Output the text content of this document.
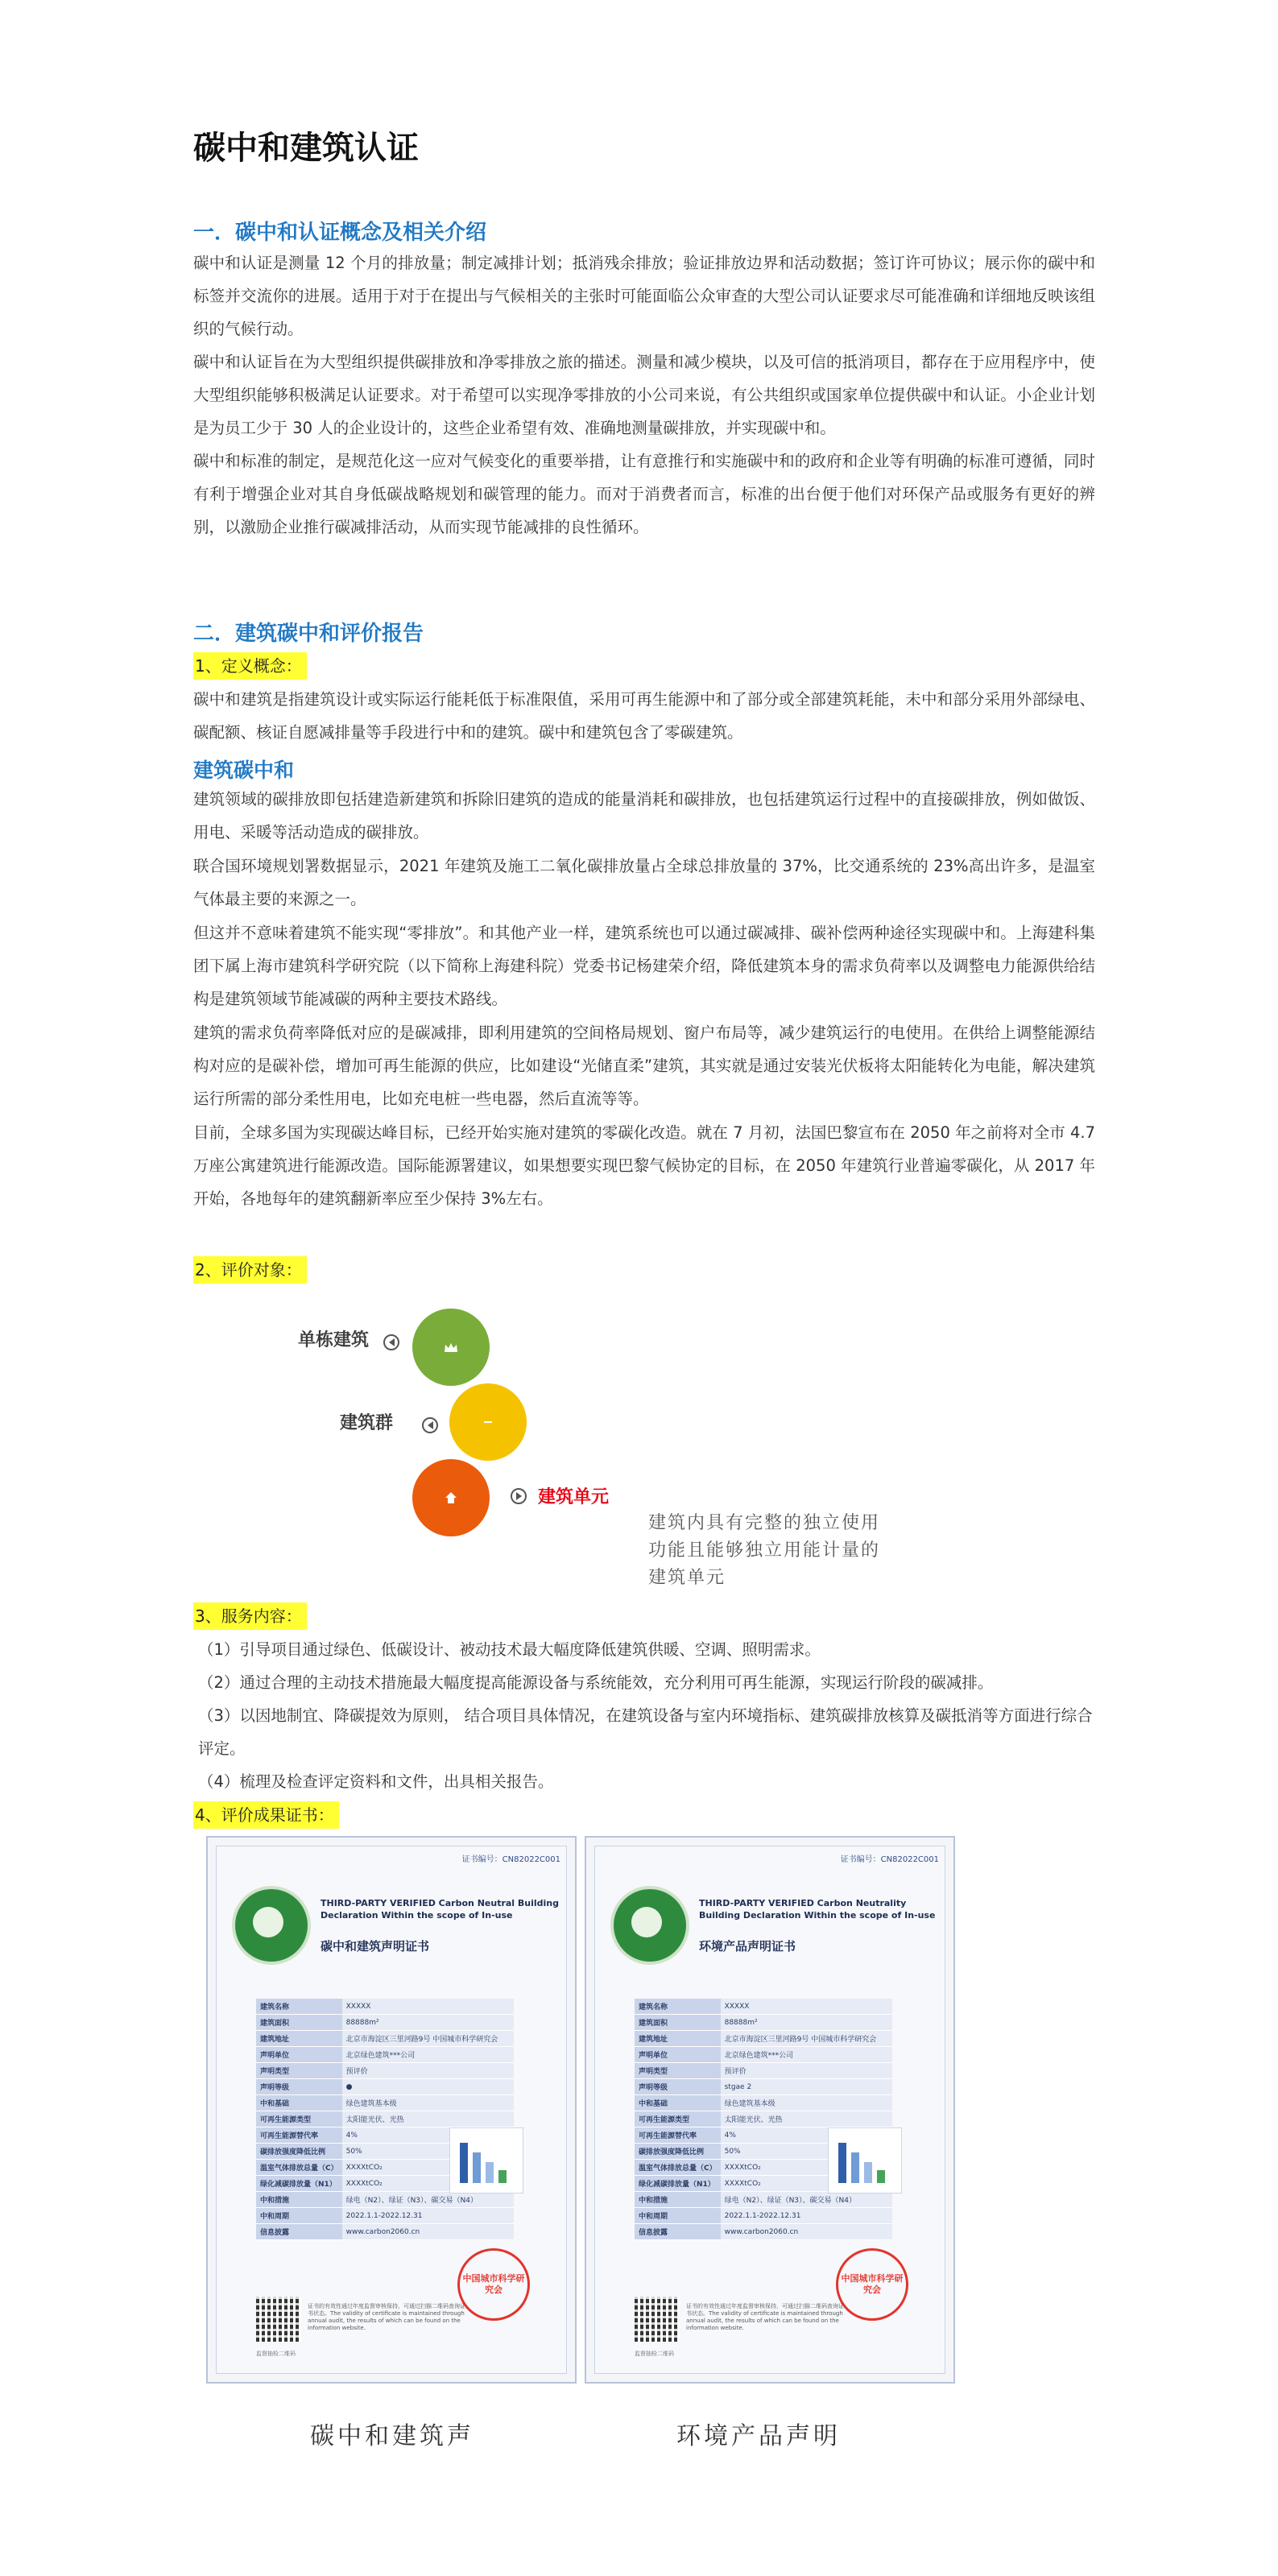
碳中和建筑认证
一．碳中和认证概念及相关介绍

碳中和认证是测量 12 个月的排放量；制定减排计划；抵消残余排放；验证排放边界和活动数据；签订许可协议；展示你的碳中和标签并交流你的进展。适用于对于在提出与气候相关的主张时可能面临公众审查的大型公司认证要求尽可能准确和详细地反映该组织的气候行动。

碳中和认证旨在为大型组织提供碳排放和净零排放之旅的描述。测量和减少模块，以及可信的抵消项目，都存在于应用程序中，使大型组织能够积极满足认证要求。对于希望可以实现净零排放的小公司来说，有公共组织或国家单位提供碳中和认证。小企业计划是为员工少于 30 人的企业设计的，这些企业希望有效、准确地测量碳排放，并实现碳中和。

碳中和标准的制定，是规范化这一应对气候变化的重要举措，让有意推行和实施碳中和的政府和企业等有明确的标准可遵循，同时有利于增强企业对其自身低碳战略规划和碳管理的能力。而对于消费者而言，标准的出台便于他们对环保产品或服务有更好的辨别，以激励企业推行碳减排活动，从而实现节能减排的良性循环。

二．建筑碳中和评价报告
1、定义概念：

碳中和建筑是指建筑设计或实际运行能耗低于标准限值，采用可再生能源中和了部分或全部建筑耗能，未中和部分采用外部绿电、碳配额、核证自愿减排量等手段进行中和的建筑。碳中和建筑包含了零碳建筑。

建筑碳中和

建筑领域的碳排放即包括建造新建筑和拆除旧建筑的造成的能量消耗和碳排放，也包括建筑运行过程中的直接碳排放，例如做饭、用电、采暖等活动造成的碳排放。

联合国环境规划署数据显示，2021 年建筑及施工二氧化碳排放量占全球总排放量的 37%，比交通系统的 23%高出许多，是温室气体最主要的来源之一。

但这并不意味着建筑不能实现“零排放”。和其他产业一样，建筑系统也可以通过碳减排、碳补偿两种途径实现碳中和。上海建科集团下属上海市建筑科学研究院（以下简称上海建科院）党委书记杨建荣介绍，降低建筑本身的需求负荷率以及调整电力能源供给结构是建筑领域节能减碳的两种主要技术路线。

建筑的需求负荷率降低对应的是碳减排，即利用建筑的空间格局规划、窗户布局等，减少建筑运行的电使用。在供给上调整能源结构对应的是碳补偿，增加可再生能源的供应，比如建设“光储直柔”建筑，其实就是通过安装光伏板将太阳能转化为电能，解决建筑运行所需的部分柔性用电，比如充电桩一些电器，然后直流等等。

目前，全球多国为实现碳达峰目标，已经开始实施对建筑的零碳化改造。就在 7 月初，法国巴黎宣布在 2050 年之前将对全市 4.7 万座公寓建筑进行能源改造。国际能源署建议，如果想要实现巴黎气候协定的目标，在 2050 年建筑行业普遍零碳化，从 2017 年开始，各地每年的建筑翻新率应至少保持 3%左右。

2、评价对象：
单栋建筑
建筑群
建筑单元
建筑内具有完整的独立使用
功能且能够独立用能计量的
建筑单元
3、服务内容：

（1）引导项目通过绿色、低碳设计、被动技术最大幅度降低建筑供暖、空调、照明需求。

（2）通过合理的主动技术措施最大幅度提高能源设备与系统能效，充分利用可再生能源，实现运行阶段的碳减排。

（3）以因地制宜、降碳提效为原则， 结合项目具体情况，在建筑设备与室内环境指标、建筑碳排放核算及碳抵消等方面进行综合评定。

（4）梳理及检查评定资料和文件，出具相关报告。

4、评价成果证书：
证书编号：CN82022C001
THIRD-PARTY VERIFIED Carbon Neutral Building Declaration Within the scope of In-use
碳中和建筑声明证书
建筑名称	XXXXX
建筑面积	88888m²
建筑地址	北京市海淀区三里河路9号 中国城市科学研究会
声明单位	北京绿色建筑***公司
声明类型	预评价
声明等级	●
中和基础	绿色建筑基本级
可再生能源类型	太阳能光伏、光热
可再生能源替代率	4%
碳排放强度降低比例	50%
温室气体排放总量（C）	XXXXtCO₂
绿化减碳排放量（N1）	XXXXtCO₂
中和措施	绿电（N2）、绿证（N3）、碳交易（N4）
中和周期	2022.1.1-2022.12.31
信息披露	www.carbon2060.cn
中国城市科学研究会
证书的有效性通过年度监督审核保持，可通过扫描二维码查询证书状态。The validity of certificate is maintained through annual audit, the results of which can be found on the information website.
监督抽检二维码
证书编号：CN82022C001
THIRD-PARTY VERIFIED Carbon Neutrality Building Declaration Within the scope of In-use
环境产品声明证书
建筑名称	XXXXX
建筑面积	88888m²
建筑地址	北京市海淀区三里河路9号 中国城市科学研究会
声明单位	北京绿色建筑***公司
声明类型	预评价
声明等级	stgae 2
中和基础	绿色建筑基本级
可再生能源类型	太阳能光伏、光热
可再生能源替代率	4%
碳排放强度降低比例	50%
温室气体排放总量（C）	XXXXtCO₂
绿化减碳排放量（N1）	XXXXtCO₂
中和措施	绿电（N2）、绿证（N3）、碳交易（N4）
中和周期	2022.1.1-2022.12.31
信息披露	www.carbon2060.cn
中国城市科学研究会
证书的有效性通过年度监督审核保持，可通过扫描二维码查询证书状态。The validity of certificate is maintained through annual audit, the results of which can be found on the information website.
监督抽检二维码
碳中和建筑声	环境产品声明
